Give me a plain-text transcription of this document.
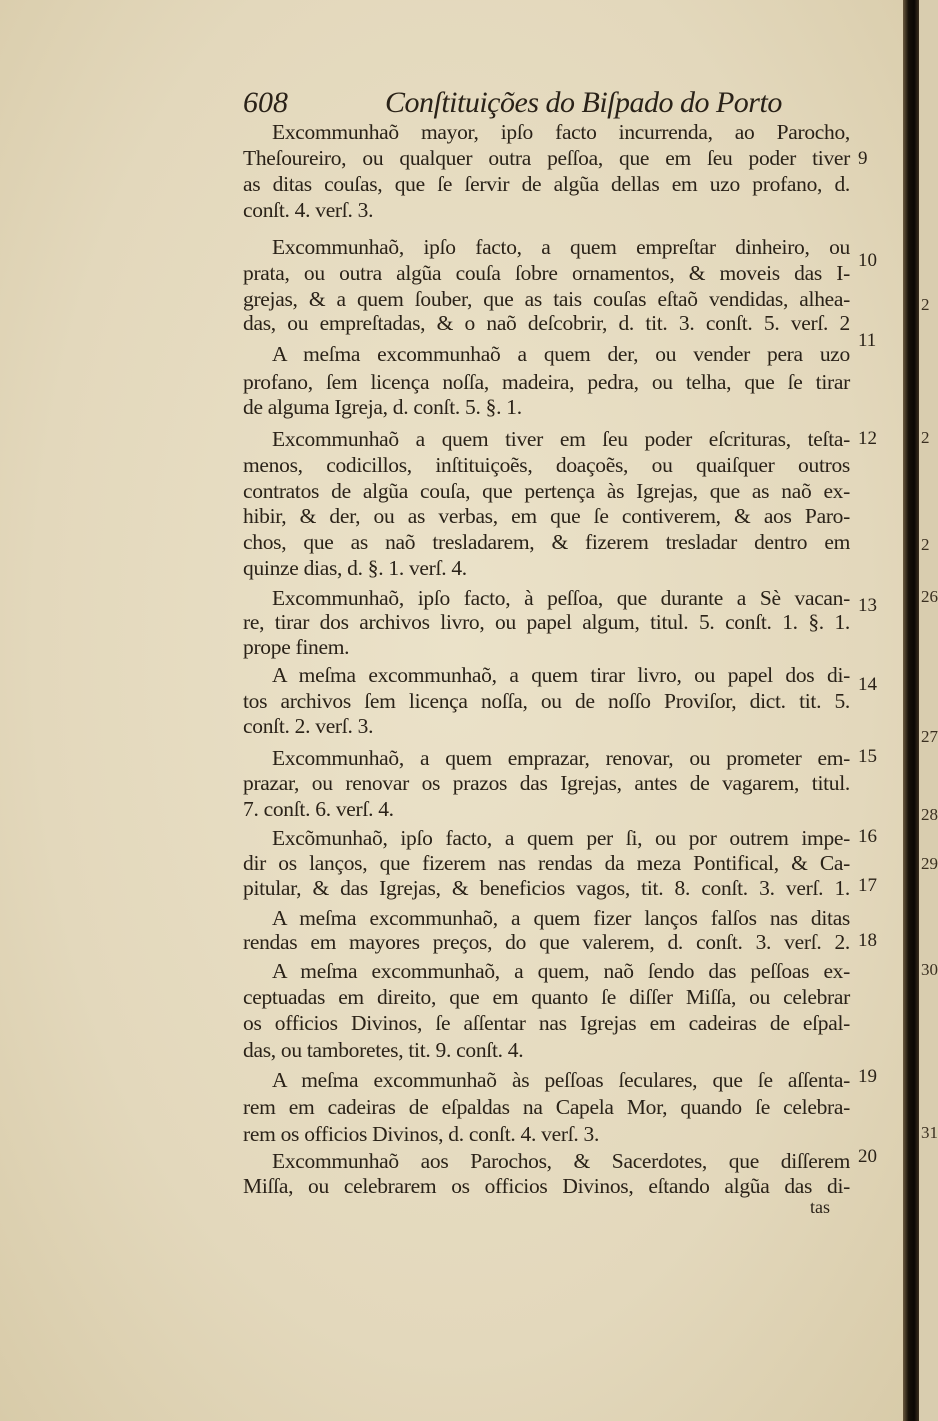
608	Conſtituições do Biſpado do Porto
Excommunhaõ mayor, ipſo facto incurrenda, ao Parocho,
Theſoureiro, ou qualquer outra peſſoa, que em ſeu poder tiver
as ditas couſas, que ſe ſervir de algũa dellas em uzo profano, d.
conſt. 4. verſ. 3.
Excommunhaõ, ipſo facto, a quem empreſtar dinheiro, ou
prata, ou outra algũa couſa ſobre ornamentos, & moveis das I-
grejas, & a quem ſouber, que as tais couſas eſtaõ vendidas, alhea-
das, ou empreſtadas, & o naõ deſcobrir, d. tit. 3. conſt. 5. verſ. 2
A meſma excommunhaõ a quem der, ou vender pera uzo
profano, ſem licença noſſa, madeira, pedra, ou telha, que ſe tirar
de alguma Igreja, d. conſt. 5. §. 1.
Excommunhaõ a quem tiver em ſeu poder eſcrituras, teſta-
menos, codicillos, inſtituiçoẽs, doaçoẽs, ou quaiſquer outros
contratos de algũa couſa, que pertença às Igrejas, que as naõ ex-
hibir, & der, ou as verbas, em que ſe contiverem, & aos Paro-
chos, que as naõ tresladarem, & fizerem tresladar dentro em
quinze dias, d. §. 1. verſ. 4.
Excommunhaõ, ipſo facto, à peſſoa, que durante a Sè vacan-
re, tirar dos archivos livro, ou papel algum, titul. 5. conſt. 1. §. 1.
prope finem.
A meſma excommunhaõ, a quem tirar livro, ou papel dos di-
tos archivos ſem licença noſſa, ou de noſſo Proviſor, dict. tit. 5.
conſt. 2. verſ. 3.
Excommunhaõ, a quem emprazar, renovar, ou prometer em-
prazar, ou renovar os prazos das Igrejas, antes de vagarem, titul.
7. conſt. 6. verſ. 4.
Excõmunhaõ, ipſo facto, a quem per ſi, ou por outrem impe-
dir os lanços, que fizerem nas rendas da meza Pontifical, & Ca-
pitular, & das Igrejas, & beneficios vagos, tit. 8. conſt. 3. verſ. 1.
A meſma excommunhaõ, a quem fizer lanços falſos nas ditas
rendas em mayores preços, do que valerem, d. conſt. 3. verſ. 2.
A meſma excommunhaõ, a quem, naõ ſendo das peſſoas ex-
ceptuadas em direito, que em quanto ſe diſſer Miſſa, ou celebrar
os officios Divinos, ſe aſſentar nas Igrejas em cadeiras de eſpal-
das, ou tamboretes, tit. 9. conſt. 4.
A meſma excommunhaõ às peſſoas ſeculares, que ſe aſſenta-
rem em cadeiras de eſpaldas na Capela Mor, quando ſe celebra-
rem os officios Divinos, d. conſt. 4. verſ. 3.
Excommunhaõ aos Parochos, & Sacerdotes, que diſſerem
Miſſa, ou celebrarem os officios Divinos, eſtando algũa das di-
tas
9
10
11
12
13
14
15
16
17
18
19
20
2
2
2
26
27
28
29
30
31
